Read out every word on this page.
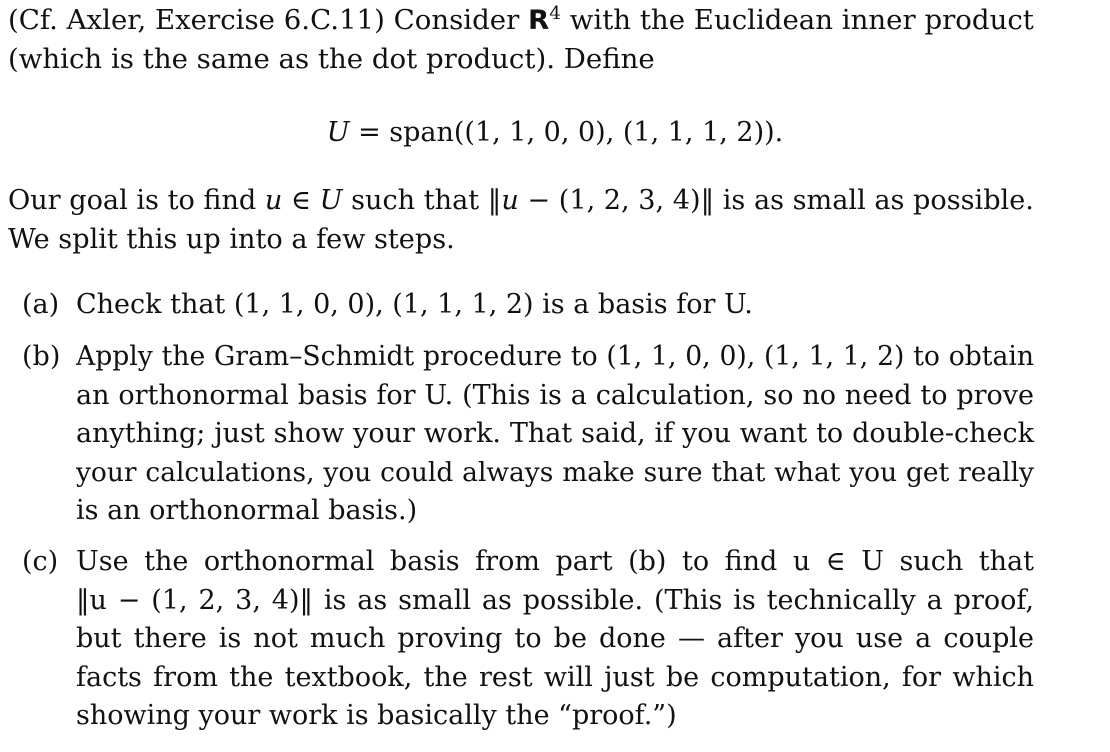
(Cf. Axler, Exercise 6.C.11) Consider $R^4$ with the Euclidean inner product
(which is the same as the dot product). Define
U = span((1, 1, 0, 0), (1, 1, 1, 2)).
Our goal is to find u ∈ U such that ‖u − (1, 2, 3, 4)‖ is as small as possible.
We split this up into a few steps.
(a) Check that (1, 1, 0, 0), (1, 1, 1, 2) is a basis for U.
(b) Apply the Gram–Schmidt procedure to (1, 1, 0, 0), (1, 1, 1, 2) to obtain
an orthonormal basis for U. (This is a calculation, so no need to prove
anything; just show your work. That said, if you want to double-check
your calculations, you could always make sure that what you get really
is an orthonormal basis.)
(c) Use the orthonormal basis from part (b) to find u ∈ U such that
‖u − (1, 2, 3, 4)‖ is as small as possible. (This is technically a proof,
but there is not much proving to be done — after you use a couple
facts from the textbook, the rest will just be computation, for which
showing your work is basically the “proof.”)
